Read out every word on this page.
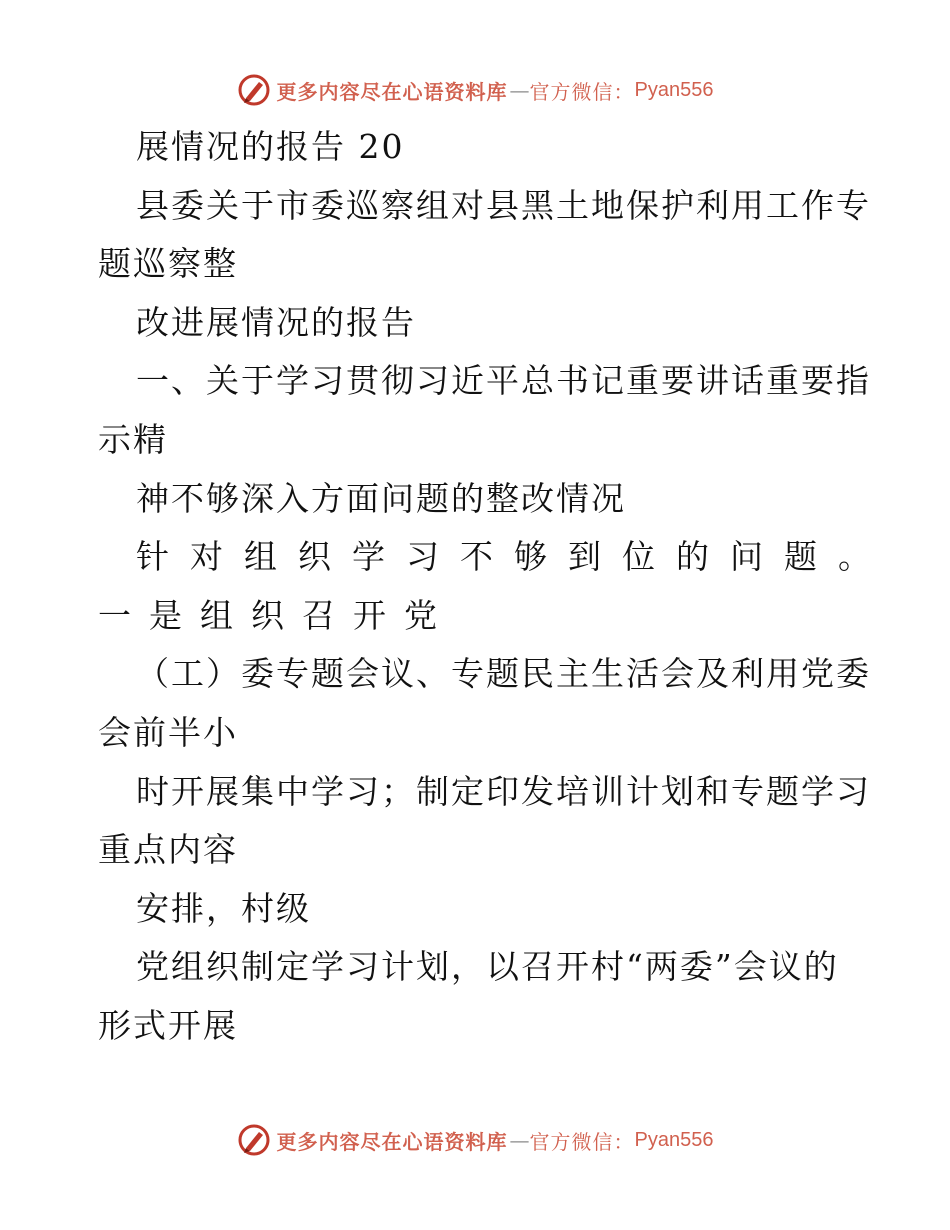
更多内容尽在心语资料库 — 官方微信： Pyan556
展情况的报告 20
县委关于市委巡察组对县黑土地保护利用工作专
题巡察整
改进展情况的报告
一、关于学习贯彻习近平总书记重要讲话重要指
示精
神不够深入方面问题的整改情况
针对组织学习不够到位的问题。
一是组织召开党
（工）委专题会议、专题民主生活会及利用党委
会前半小
时开展集中学习；制定印发培训计划和专题学习
重点内容
安排，村级
党组织制定学习计划，以召开村“两委”会议的
形式开展
更多内容尽在心语资料库 — 官方微信： Pyan556
